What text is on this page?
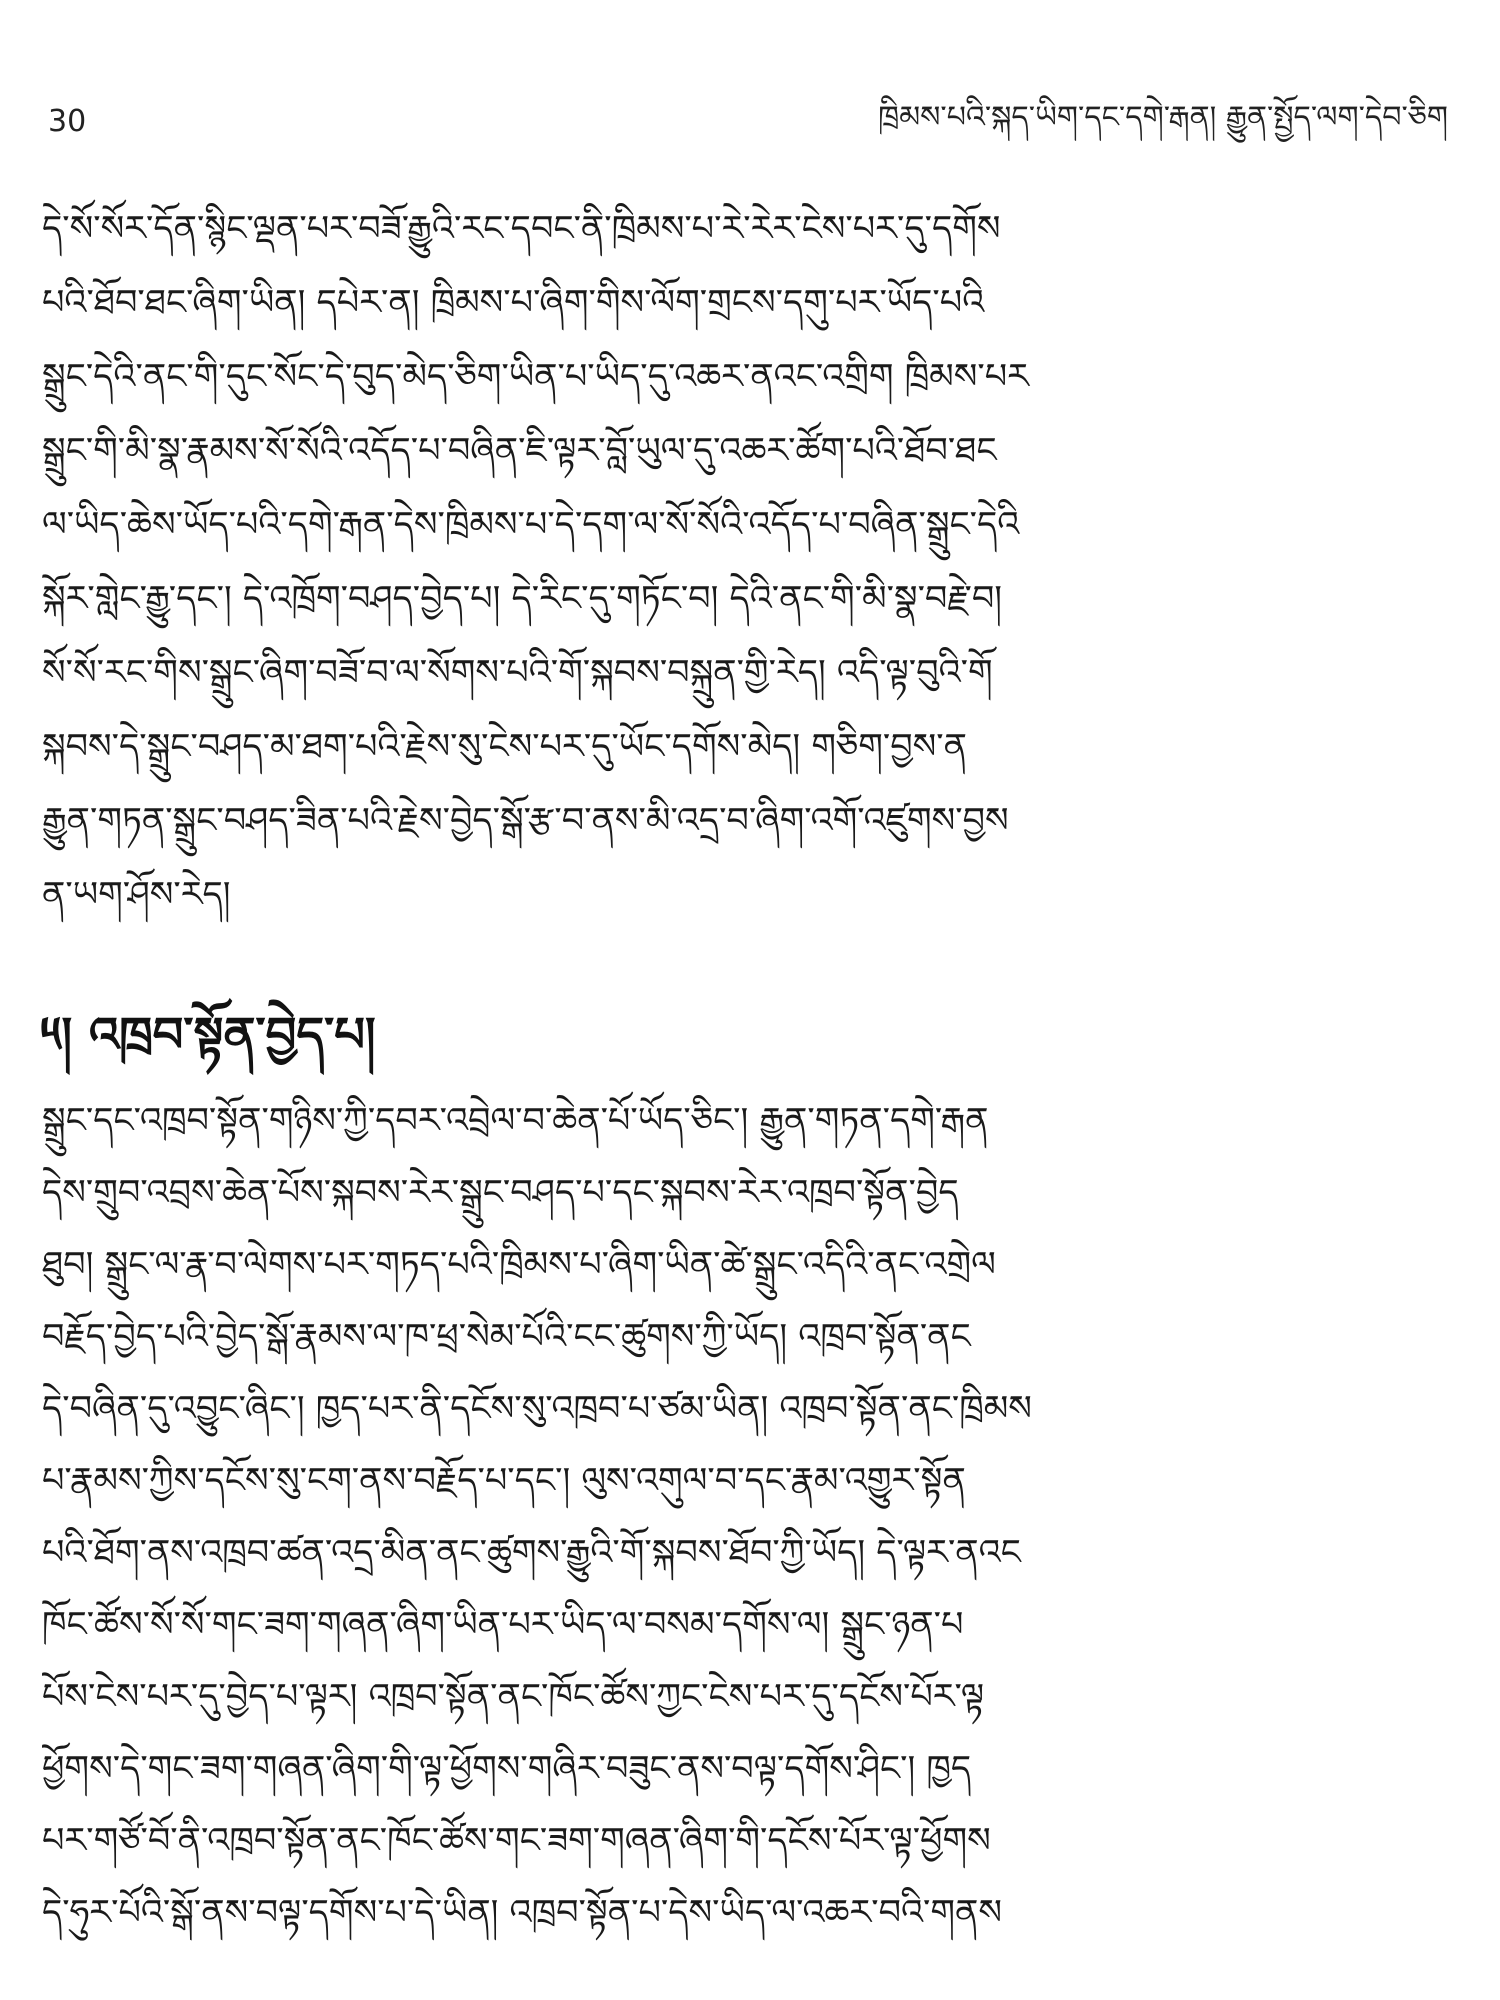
30	ཁྲིམས་པའི་སྐད་ཡིག་དང་དགེ་རྒན། རྒྱུན་སྤྱོད་ལག་དེབ་ཅིག
དེ་སོ་སོར་དོན་སྙིང་ལྡན་པར་བཟོ་རྒྱུའི་རང་དབང་ནི་ཁྲིམས་པ་རེ་རེར་ངེས་པར་དུ་དགོས
པའི་ཐོབ་ཐང་ཞིག་ཡིན། དཔེར་ན། ཁྲིམས་པ་ཞིག་གིས་ལོག་གྲངས་དགུ་པར་ཡོད་པའི
སྒྲུང་དེའི་ནང་གི་དུང་སོང་དེ་བུད་མེད་ཅིག་ཡིན་པ་ཡིད་དུ་འཆར་ནའང་འགྲིག ཁྲིམས་པར
སྒྲུང་གི་མི་སྣ་རྣམས་སོ་སོའི་འདོད་པ་བཞིན་ཇི་ལྟར་བློ་ཡུལ་དུ་འཆར་ཚོག་པའི་ཐོབ་ཐང
ལ་ཡིད་ཆེས་ཡོད་པའི་དགེ་རྒན་དེས་ཁྲིམས་པ་དེ་དག་ལ་སོ་སོའི་འདོད་པ་བཞིན་སྒྲུང་དེའི
སྐོར་གླེང་རྒྱུ་དང་། དེ་འཁྲོག་བཤད་བྱེད་པ། དེ་རིང་དུ་གཏོང་བ། དེའི་ནང་གི་མི་སྣ་བརྗེ་བ།
སོ་སོ་རང་གིས་སྒྲུང་ཞིག་བཟོ་བ་ལ་སོགས་པའི་གོ་སྐབས་བསྐྲུན་གྱི་རེད། འདི་ལྟ་བུའི་གོ
སྐབས་དེ་སྒྲུང་བཤད་མ་ཐག་པའི་རྗེས་སུ་ངེས་པར་དུ་ཡོང་དགོས་མེད། གཅིག་བྱས་ན
རྒྱུན་གཏན་སྒྲུང་བཤད་ཟིན་པའི་རྗེས་བྱེད་སྒོ་རྩ་བ་ནས་མི་འདྲ་བ་ཞིག་འགོ་འཛུགས་བྱས
ན་ཡག་ཤོས་རེད།
༥། འཁྲབ་སྟོན་བྱེད་པ།
སྒྲུང་དང་འཁྲབ་སྟོན་གཉིས་ཀྱི་དབར་འབྲེལ་བ་ཆེན་པོ་ཡོད་ཅིང་། རྒྱུན་གཏན་དགེ་རྒན
དེས་གྲུབ་འབྲས་ཆེན་པོས་སྐབས་རེར་སྒྲུང་བཤད་པ་དང་སྐབས་རེར་འཁྲབ་སྟོན་བྱེད
ཐུབ། སྒྲུང་ལ་རྣ་བ་ལེགས་པར་གཏད་པའི་ཁྲིམས་པ་ཞིག་ཡིན་ཚེ་སྒྲུང་འདིའི་ནང་འགྲེལ
བརྗོད་བྱེད་པའི་བྱེད་སྒོ་རྣམས་ལ་ཁ་ཕྲ་སེམ་པོའི་ངང་ཚུགས་ཀྱི་ཡོད། འཁྲབ་སྟོན་ནང
དེ་བཞིན་དུ་འབྱུང་ཞིང་། ཁྱད་པར་ནི་དངོས་སུ་འཁྲབ་པ་ཙམ་ཡིན། འཁྲབ་སྟོན་ནང་ཁྲིམས
པ་རྣམས་ཀྱིས་དངོས་སུ་ངག་ནས་བརྗོད་པ་དང་། ལུས་འགུལ་བ་དང་རྣམ་འགྱུར་སྟོན
པའི་ཐོག་ནས་འཁྲབ་ཚན་འདྲ་མིན་ནང་ཚུགས་རྒྱུའི་གོ་སྐབས་ཐོབ་ཀྱི་ཡོད། དེ་ལྟར་ནའང
ཁོང་ཚོས་སོ་སོ་གང་ཟག་གཞན་ཞིག་ཡིན་པར་ཡིད་ལ་བསམ་དགོས་ལ། སྒྲུང་ཉན་པ
པོས་ངེས་པར་དུ་བྱེད་པ་ལྟར། འཁྲབ་སྟོན་ནང་ཁོང་ཚོས་ཀྱང་ངེས་པར་དུ་དངོས་པོར་ལྟ
ཕྱོགས་དེ་གང་ཟག་གཞན་ཞིག་གི་ལྟ་ཕྱོགས་གཞིར་བཟུང་ནས་བལྟ་དགོས་ཤིང་། ཁྱད
པར་གཙོ་བོ་ནི་འཁྲབ་སྟོན་ནང་ཁོང་ཚོས་གང་ཟག་གཞན་ཞིག་གི་དངོས་པོར་ལྟ་ཕྱོགས
དེ་ཧུར་པོའི་སྒོ་ནས་བལྟ་དགོས་པ་དེ་ཡིན། འཁྲབ་སྟོན་པ་དེས་ཡིད་ལ་འཆར་བའི་གནས
